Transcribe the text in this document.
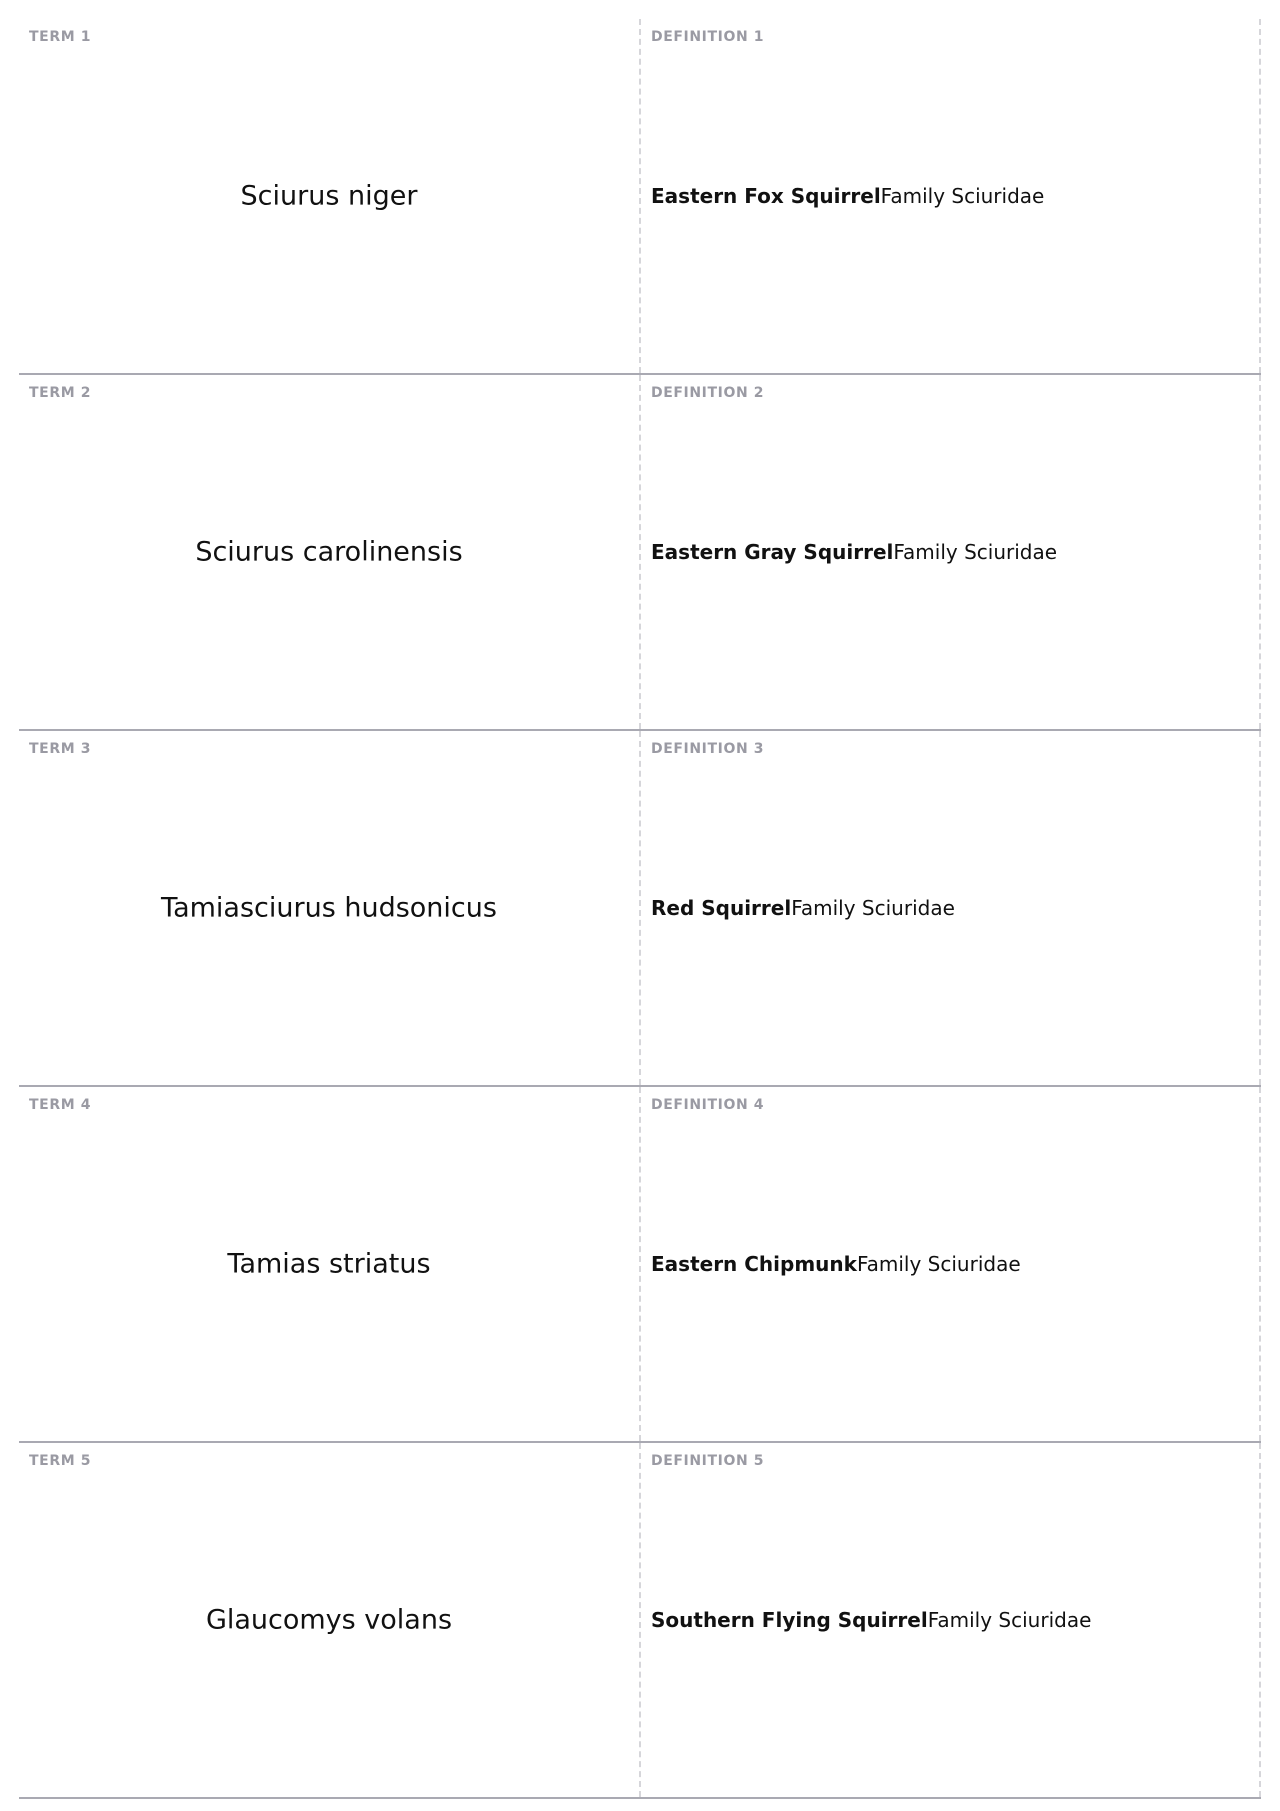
TERM 1
Sciurus niger
DEFINITION 1
Eastern Fox SquirrelFamily Sciuridae
TERM 2
Sciurus carolinensis
DEFINITION 2
Eastern Gray SquirrelFamily Sciuridae
TERM 3
Tamiasciurus hudsonicus
DEFINITION 3
Red SquirrelFamily Sciuridae
TERM 4
Tamias striatus
DEFINITION 4
Eastern ChipmunkFamily Sciuridae
TERM 5
Glaucomys volans
DEFINITION 5
Southern Flying SquirrelFamily Sciuridae
